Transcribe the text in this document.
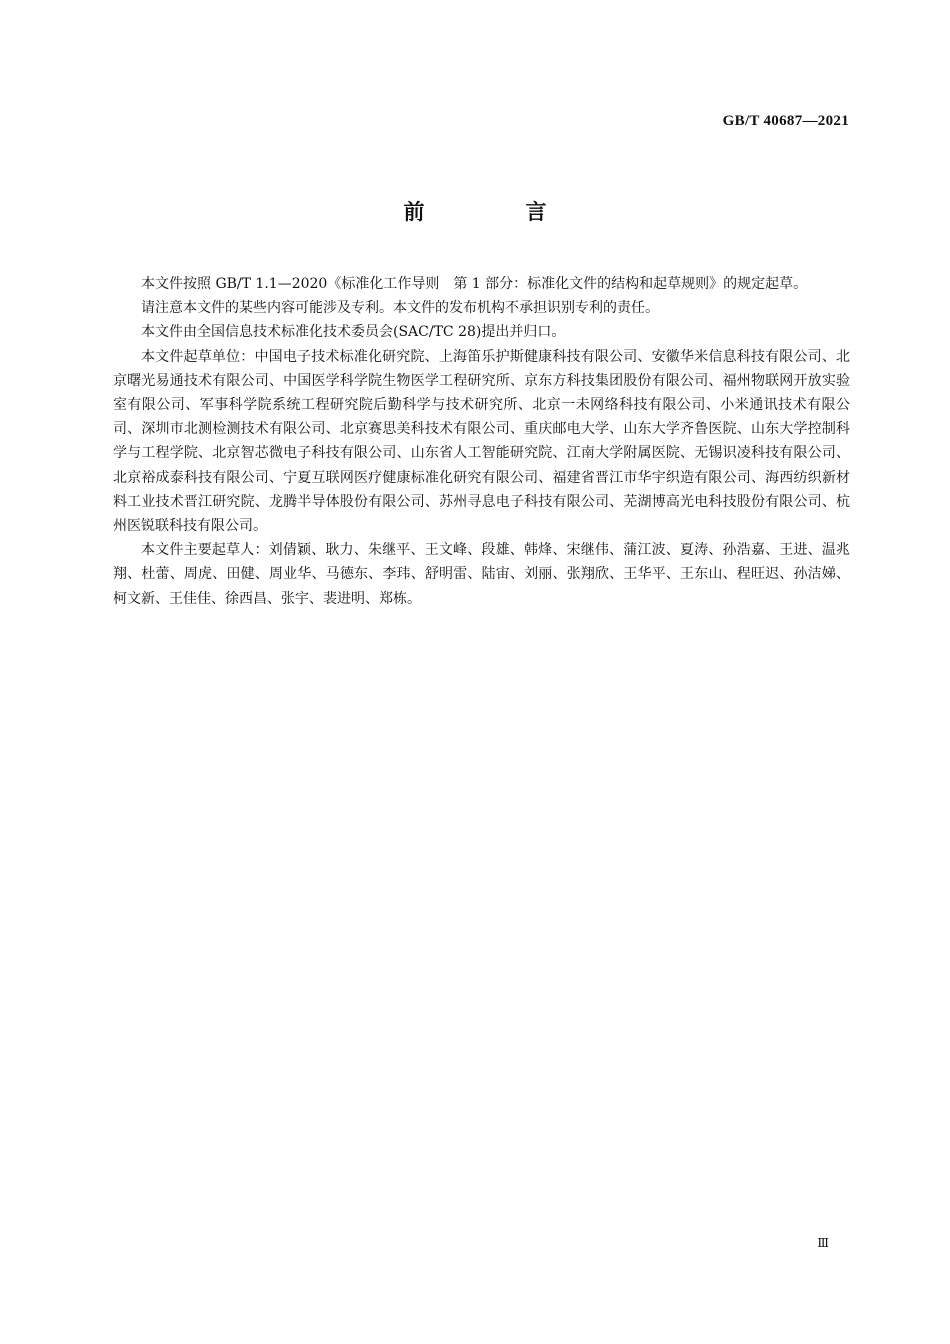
GB/T 40687—2021
前　言

本文件按照 GB/T 1.1—2020《标准化工作导则　第 1 部分：标准化文件的结构和起草规则》的规定起草。

请注意本文件的某些内容可能涉及专利。本文件的发布机构不承担识别专利的责任。

本文件由全国信息技术标准化技术委员会(SAC/TC 28)提出并归口。

本文件起草单位：中国电子技术标准化研究院、上海笛乐护斯健康科技有限公司、安徽华米信息科技有限公司、北京曙光易通技术有限公司、中国医学科学院生物医学工程研究所、京东方科技集团股份有限公司、福州物联网开放实验室有限公司、军事科学院系统工程研究院后勤科学与技术研究所、北京一未网络科技有限公司、小米通讯技术有限公司、深圳市北测检测技术有限公司、北京赛思美科技术有限公司、重庆邮电大学、山东大学齐鲁医院、山东大学控制科学与工程学院、北京智芯微电子科技有限公司、山东省人工智能研究院、江南大学附属医院、无锡识凌科技有限公司、北京裕成泰科技有限公司、宁夏互联网医疗健康标准化研究有限公司、福建省晋江市华宇织造有限公司、海西纺织新材料工业技术晋江研究院、龙腾半导体股份有限公司、苏州寻息电子科技有限公司、芜湖博高光电科技股份有限公司、杭州医锐联科技有限公司。

本文件主要起草人：刘倩颖、耿力、朱继平、王文峰、段雄、韩烽、宋继伟、蒲江波、夏涛、孙浩嘉、王进、温兆翔、杜蕾、周虎、田健、周业华、马德东、李玮、舒明雷、陆宙、刘丽、张翔欣、王华平、王东山、程旺迟、孙洁娣、柯文新、王佳佳、徐西昌、张宇、裴进明、郑栋。

Ⅲ
